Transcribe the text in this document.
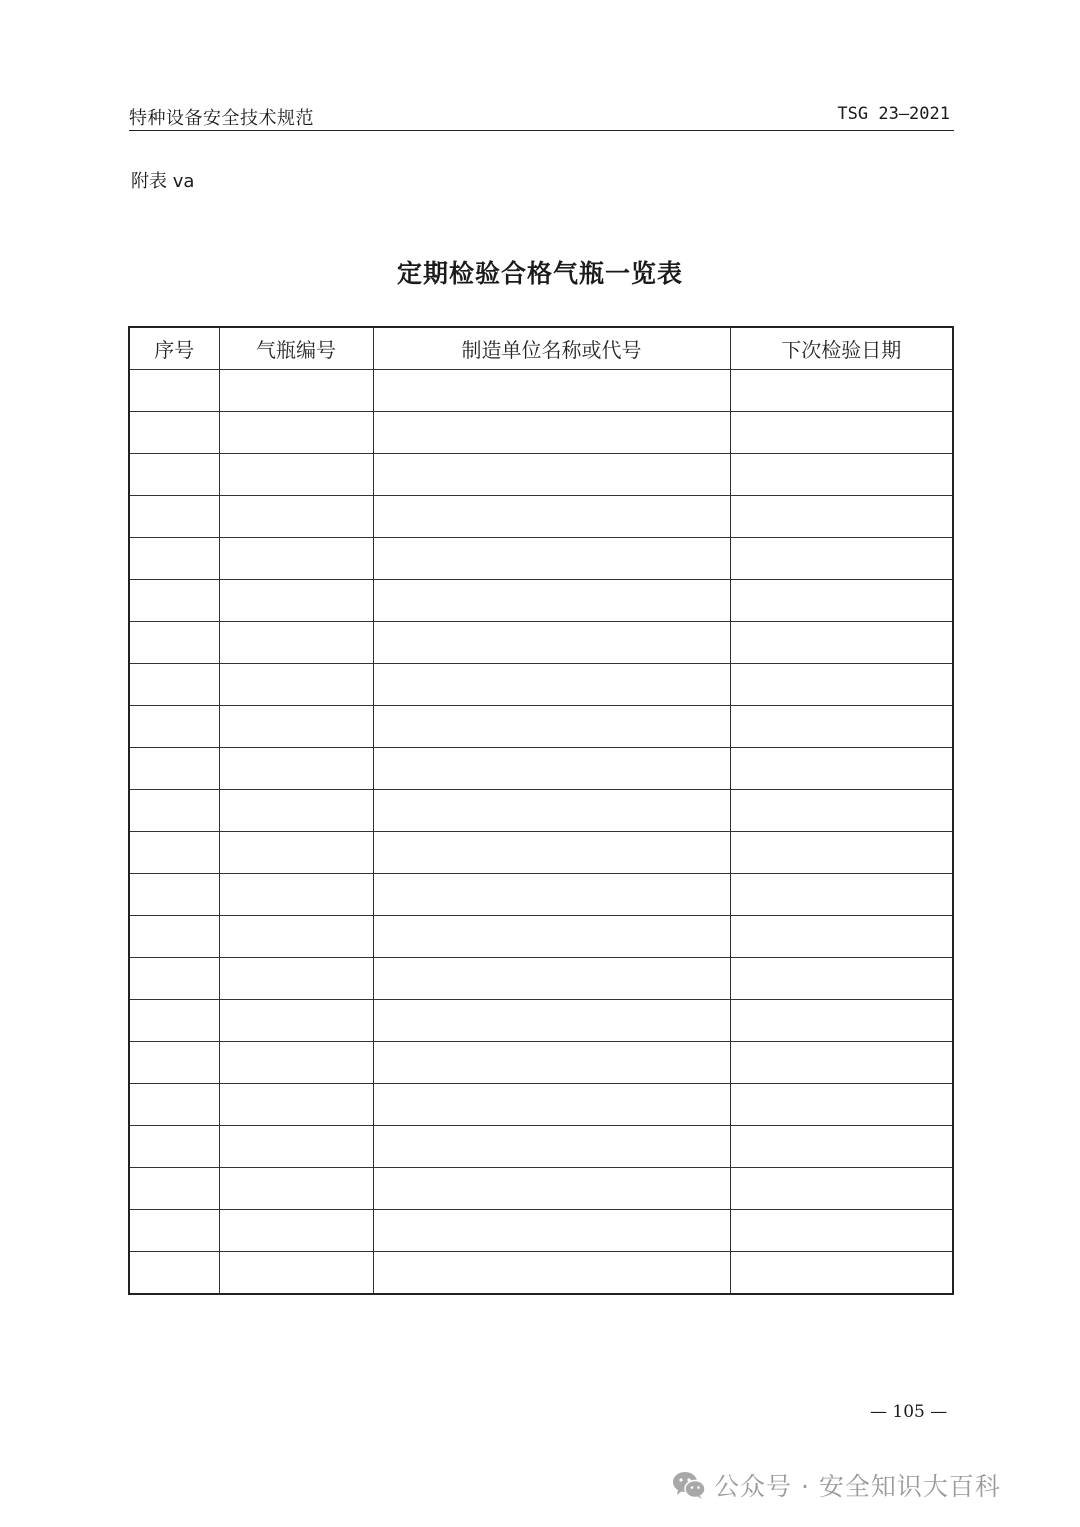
特种设备安全技术规范	TSG 23—2021
附表 va
定期检验合格气瓶一览表
序号	气瓶编号	制造单位名称或代号	下次检验日期

— 105 —
公众号 · 安全知识大百科
